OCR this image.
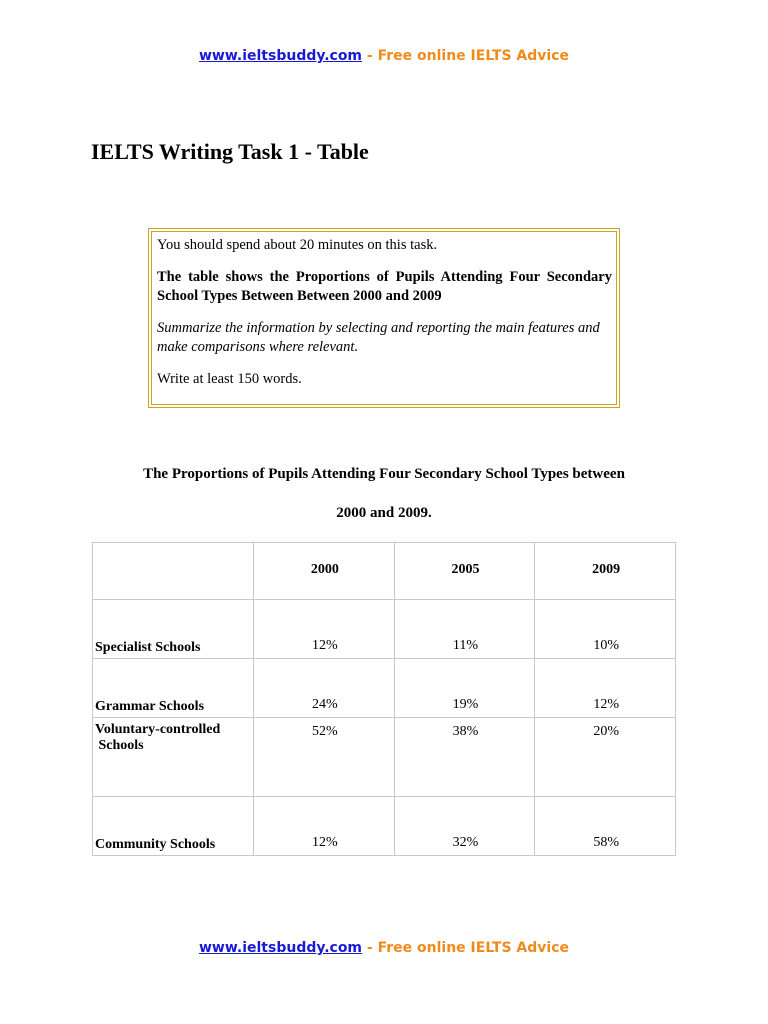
www.ieltsbuddy.com - Free online IELTS Advice
IELTS Writing Task 1 - Table

You should spend about 20 minutes on this task.

The table shows the Proportions of Pupils Attending Four Secondary School Types Between Between 2000 and 2009

Summarize the information by selecting and reporting the main features and make comparisons where relevant.

Write at least 150 words.

The Proportions of Pupils Attending Four Secondary School Types between
2000 and 2009.
	2000	2005	2009
Specialist Schools	12%	11%	10%
Grammar Schools	24%	19%	12%

Voluntary-controlled
Schools	52%	38%	20%
Community Schools	12%	32%	58%
www.ieltsbuddy.com - Free online IELTS Advice
